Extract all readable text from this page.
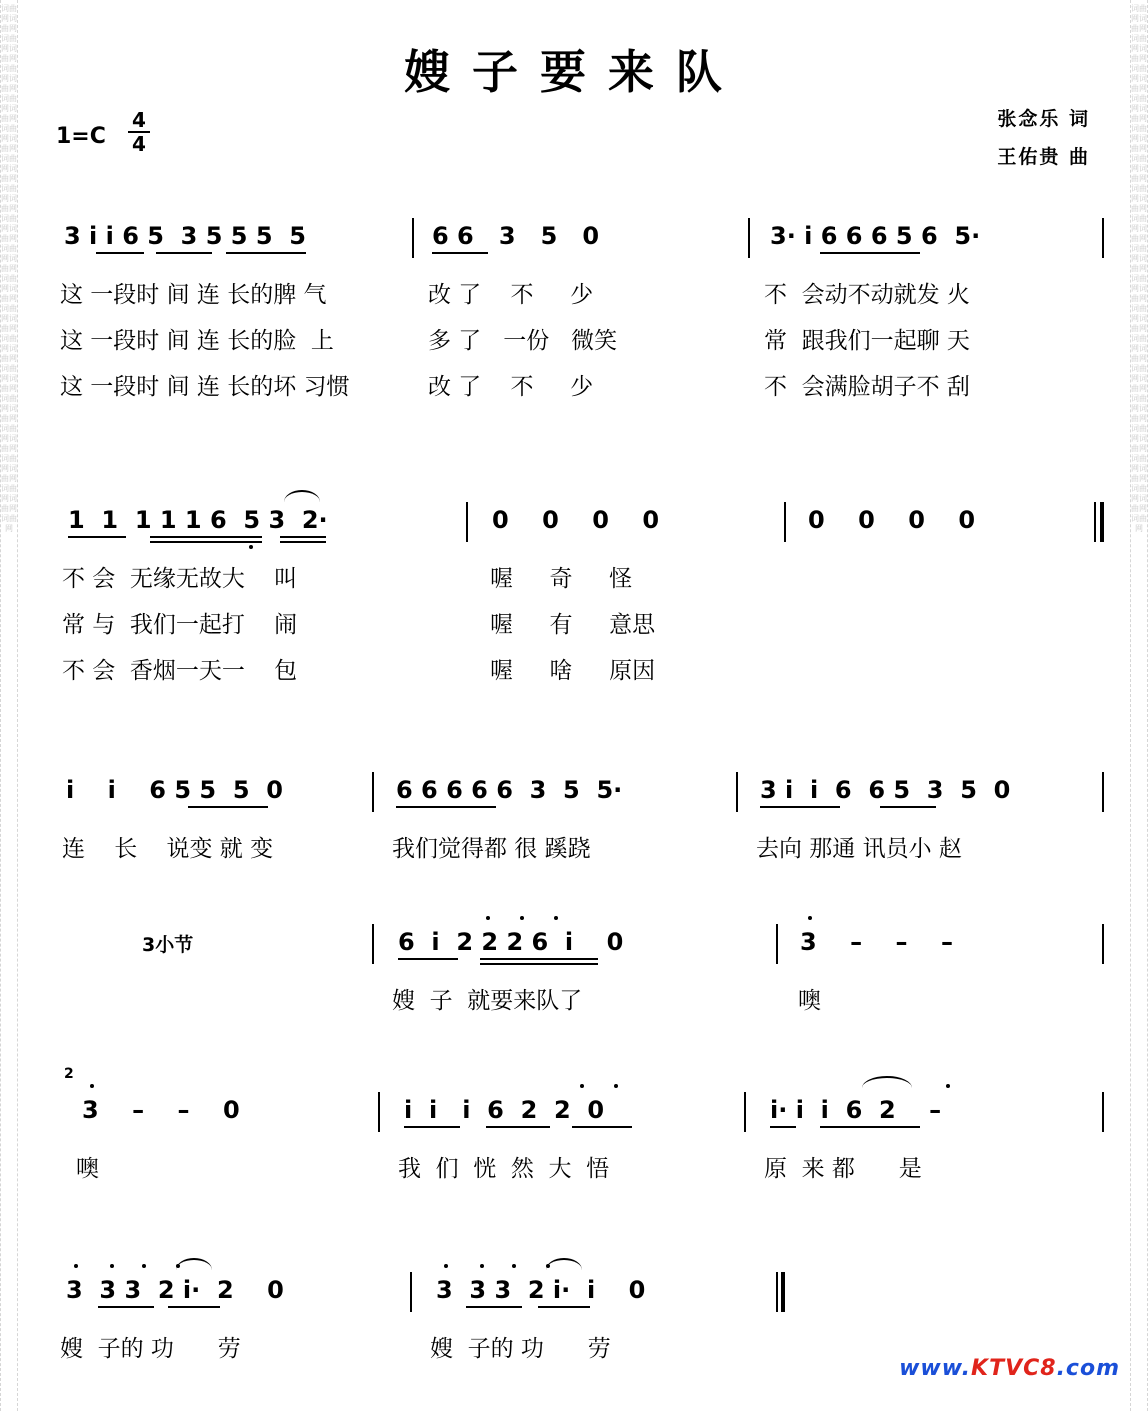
词曲网词曲网词曲网词曲网词曲网词曲网词曲网词曲网词曲网词曲网词曲网词曲网词曲网词曲网词曲网词曲网词曲网词曲网词曲网词曲网词曲网词曲网词曲网词曲网词曲网词曲网词曲网词曲网词曲网词曲网词曲网词曲网词曲网词曲网词曲网
词曲网词曲网词曲网词曲网词曲网词曲网词曲网词曲网词曲网词曲网词曲网词曲网词曲网词曲网词曲网词曲网词曲网词曲网词曲网词曲网词曲网词曲网词曲网词曲网词曲网词曲网词曲网词曲网词曲网词曲网词曲网词曲网词曲网词曲网词曲网
嫂子要来队
1=C
4
4
张念乐 词
王佑贵 曲
3 i i 6 5  3 5 5 5  5	6 6   3   5   0	3· i 6 6 6 5 6  5·
这 一段时 间 连 长的脾 气	改 了    不     少	不  会动不动就发 火
这 一段时 间 连 长的脸  上	多 了   一份   微笑	常  跟我们一起聊 天
这 一段时 间 连 长的坏 习惯	改 了    不     少	不  会满脸胡子不 刮
1  1  1 1 1 6  5 3  2·	0    0    0    0	0    0    0    0
不 会  无缘无故大    叫	喔     奇     怪
常 与  我们一起打    闹	喔     有     意思
不 会  香烟一天一    包	喔     啥     原因
i    i    6 5 5  5  0	6 6 6 6 6  3  5  5·	3 i  i  6  6 5  3  5  0
连    长    说变 就 变	我们觉得都 很 蹊跷	去向 那通 讯员小 赵
3小节	6  i  2 2 2 6  i    0	3    –    –    –
嫂  子  就要来队了	噢
2
3    –    –    0	i  i   i  6  2  2  0	i· i  i  6  2    –
噢	我  们  恍  然  大  悟	原  来 都      是
3  3 3  2 i·  2    0	3  3 3  2 i·  i    0
嫂  子的 功      劳	嫂  子的 功      劳
www.KTVC8.com
